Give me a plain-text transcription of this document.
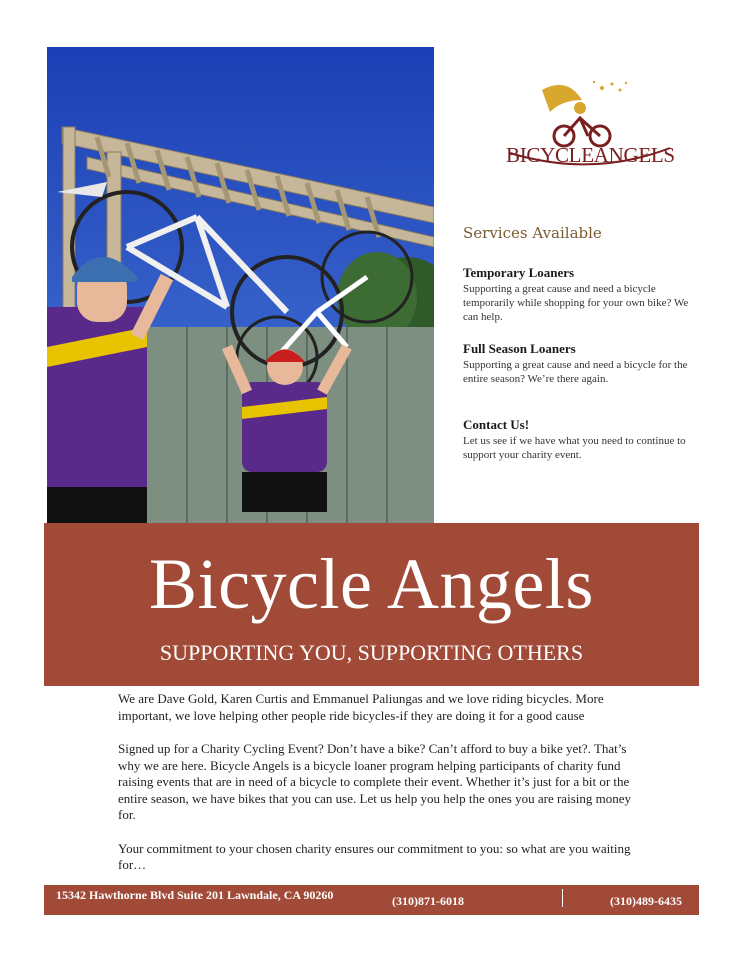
BICYCLEANGELS
Services Available
Temporary Loaners

Supporting a great cause and need a bicycle temporarily while shopping for your own bike? We can help.

Full Season Loaners

Supporting a great cause and need a bicycle for the entire season? We’re there again.

Contact Us!

Let us see if we have what you need to continue to support your charity event.

Bicycle Angels
SUPPORTING YOU, SUPPORTING OTHERS

We are Dave Gold, Karen Curtis and Emmanuel Paliungas and we love riding bicycles. More important, we love helping other people ride bicycles-if they are doing it for a good cause

Signed up for a Charity Cycling Event? Don’t have a bike? Can’t afford to buy a bike yet?. That’s why we are here. Bicycle Angels is a bicycle loaner program helping participants of charity fund raising events that are in need of a bicycle to complete their event. Whether it’s just for a bit or the entire season, we have bikes that you can use. Let us help you help the ones you are raising money for.

Your commitment to your chosen charity ensures our commitment to you: so what are you waiting for…

15342 Hawthorne Blvd Suite 201 Lawndale, CA 90260	(310)871-6018	(310)489-6435
